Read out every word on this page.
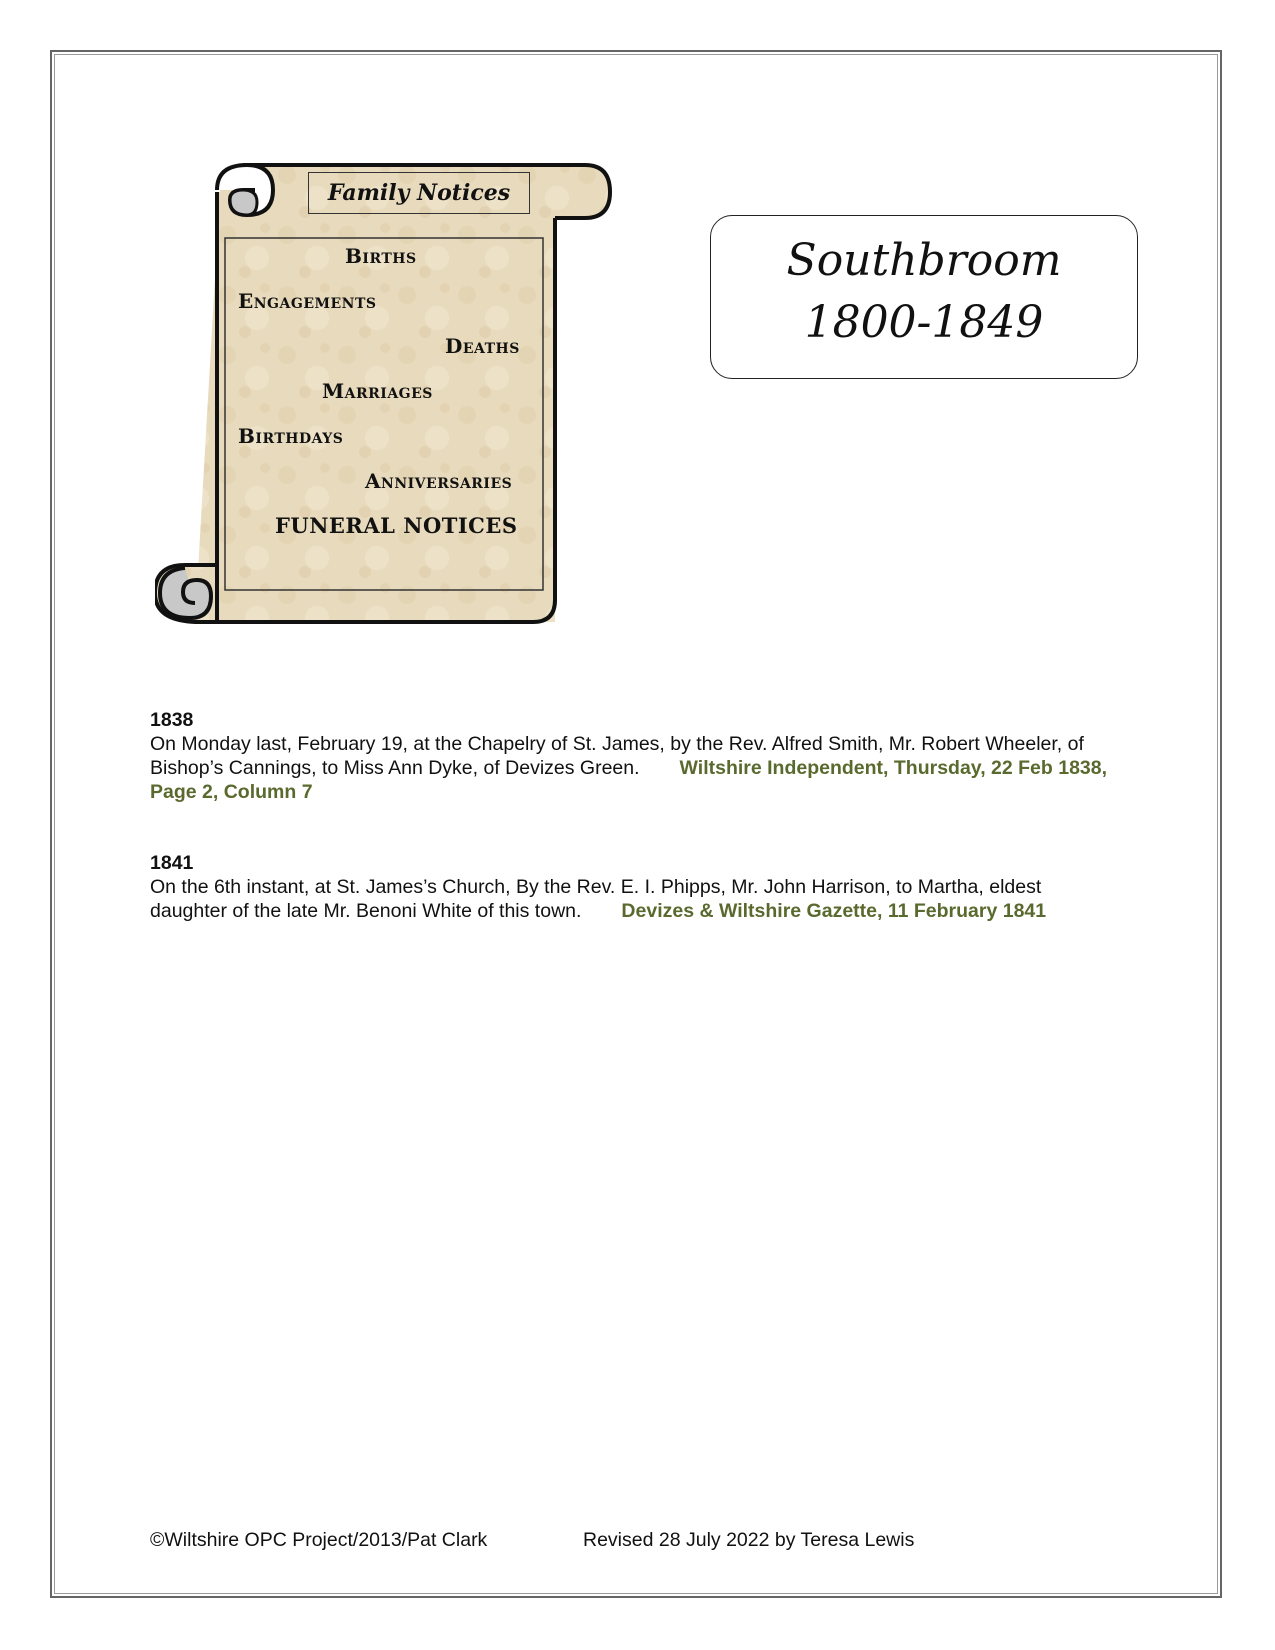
Family Notices
Births
Engagements
Deaths
Marriages
Birthdays
Anniversaries
FUNERAL NOTICES
Southbroom
1800-1849
1838
On Monday last, February 19, at the Chapelry of St. James, by the Rev. Alfred Smith, Mr. Robert Wheeler, of Bishop’s Cannings, to Miss Ann Dyke, of Devizes Green. Wiltshire Independent, Thursday, 22 Feb 1838, Page 2, Column 7
1841
On the 6th instant, at St. James’s Church, By the Rev. E. I. Phipps, Mr. John Harrison, to Martha, eldest daughter of the late Mr. Benoni White of this town. Devizes & Wiltshire Gazette, 11 February 1841
©Wiltshire OPC Project/2013/Pat Clark	Revised 28 July 2022 by Teresa Lewis
